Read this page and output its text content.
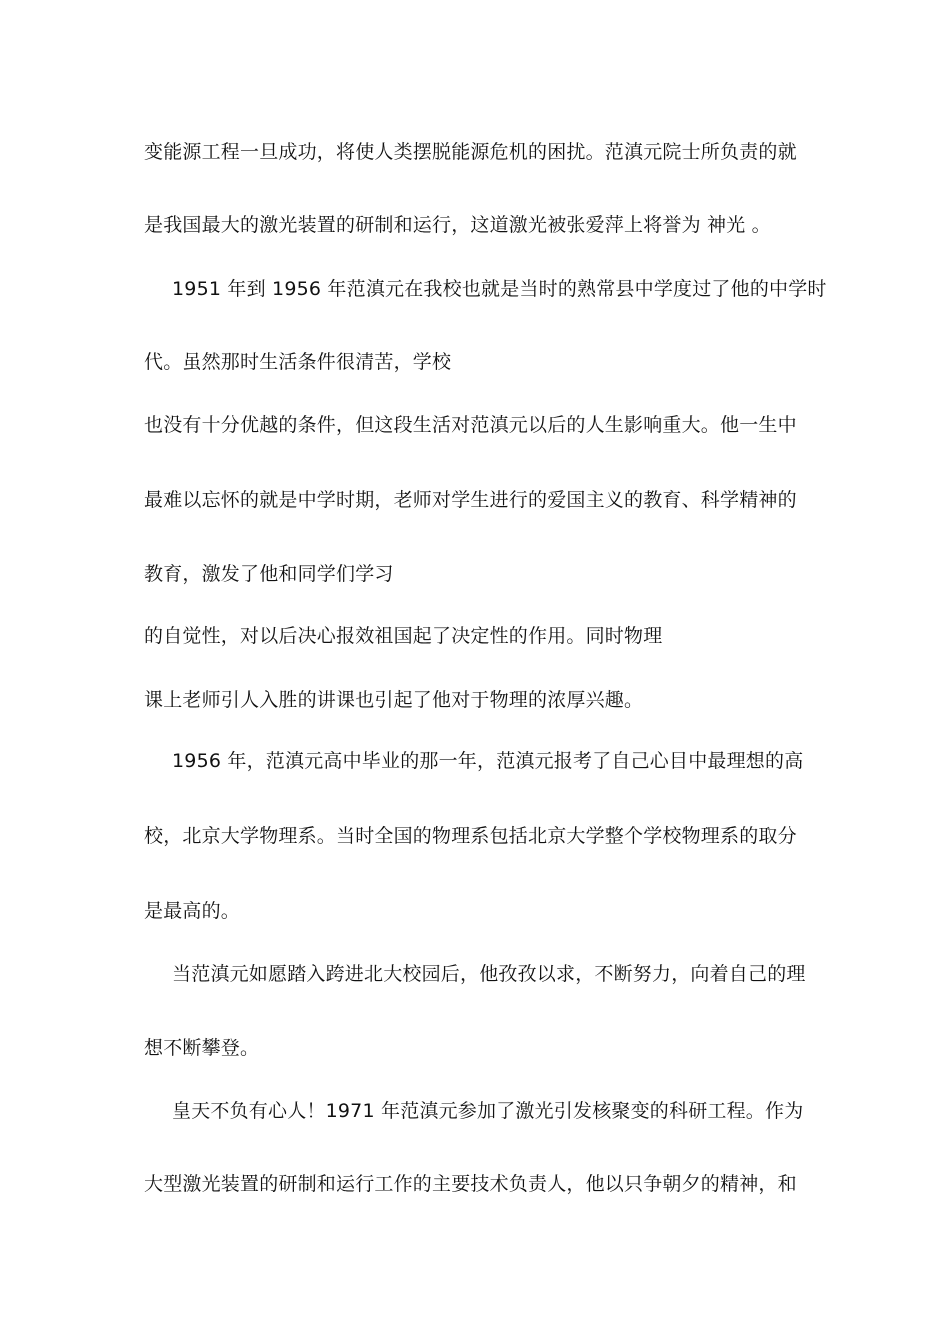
变能源工程一旦成功，将使人类摆脱能源危机的困扰。范滇元院士所负责的就
是我国最大的激光装置的研制和运行，这道激光被张爱萍上将誉为 神光 。
1951 年到 1956 年范滇元在我校也就是当时的熟常县中学度过了他的中学时
代。虽然那时生活条件很清苦，学校
也没有十分优越的条件，但这段生活对范滇元以后的人生影响重大。他一生中
最难以忘怀的就是中学时期，老师对学生进行的爱国主义的教育、科学精神的
教育，激发了他和同学们学习
的自觉性，对以后决心报效祖国起了决定性的作用。同时物理
课上老师引人入胜的讲课也引起了他对于物理的浓厚兴趣。
1956 年，范滇元高中毕业的那一年，范滇元报考了自己心目中最理想的高
校，北京大学物理系。当时全国的物理系包括北京大学整个学校物理系的取分
是最高的。
当范滇元如愿踏入跨进北大校园后，他孜孜以求，不断努力，向着自己的理
想不断攀登。
皇天不负有心人！1971 年范滇元参加了激光引发核聚变的科研工程。作为
大型激光装置的研制和运行工作的主要技术负责人，他以只争朝夕的精神，和
